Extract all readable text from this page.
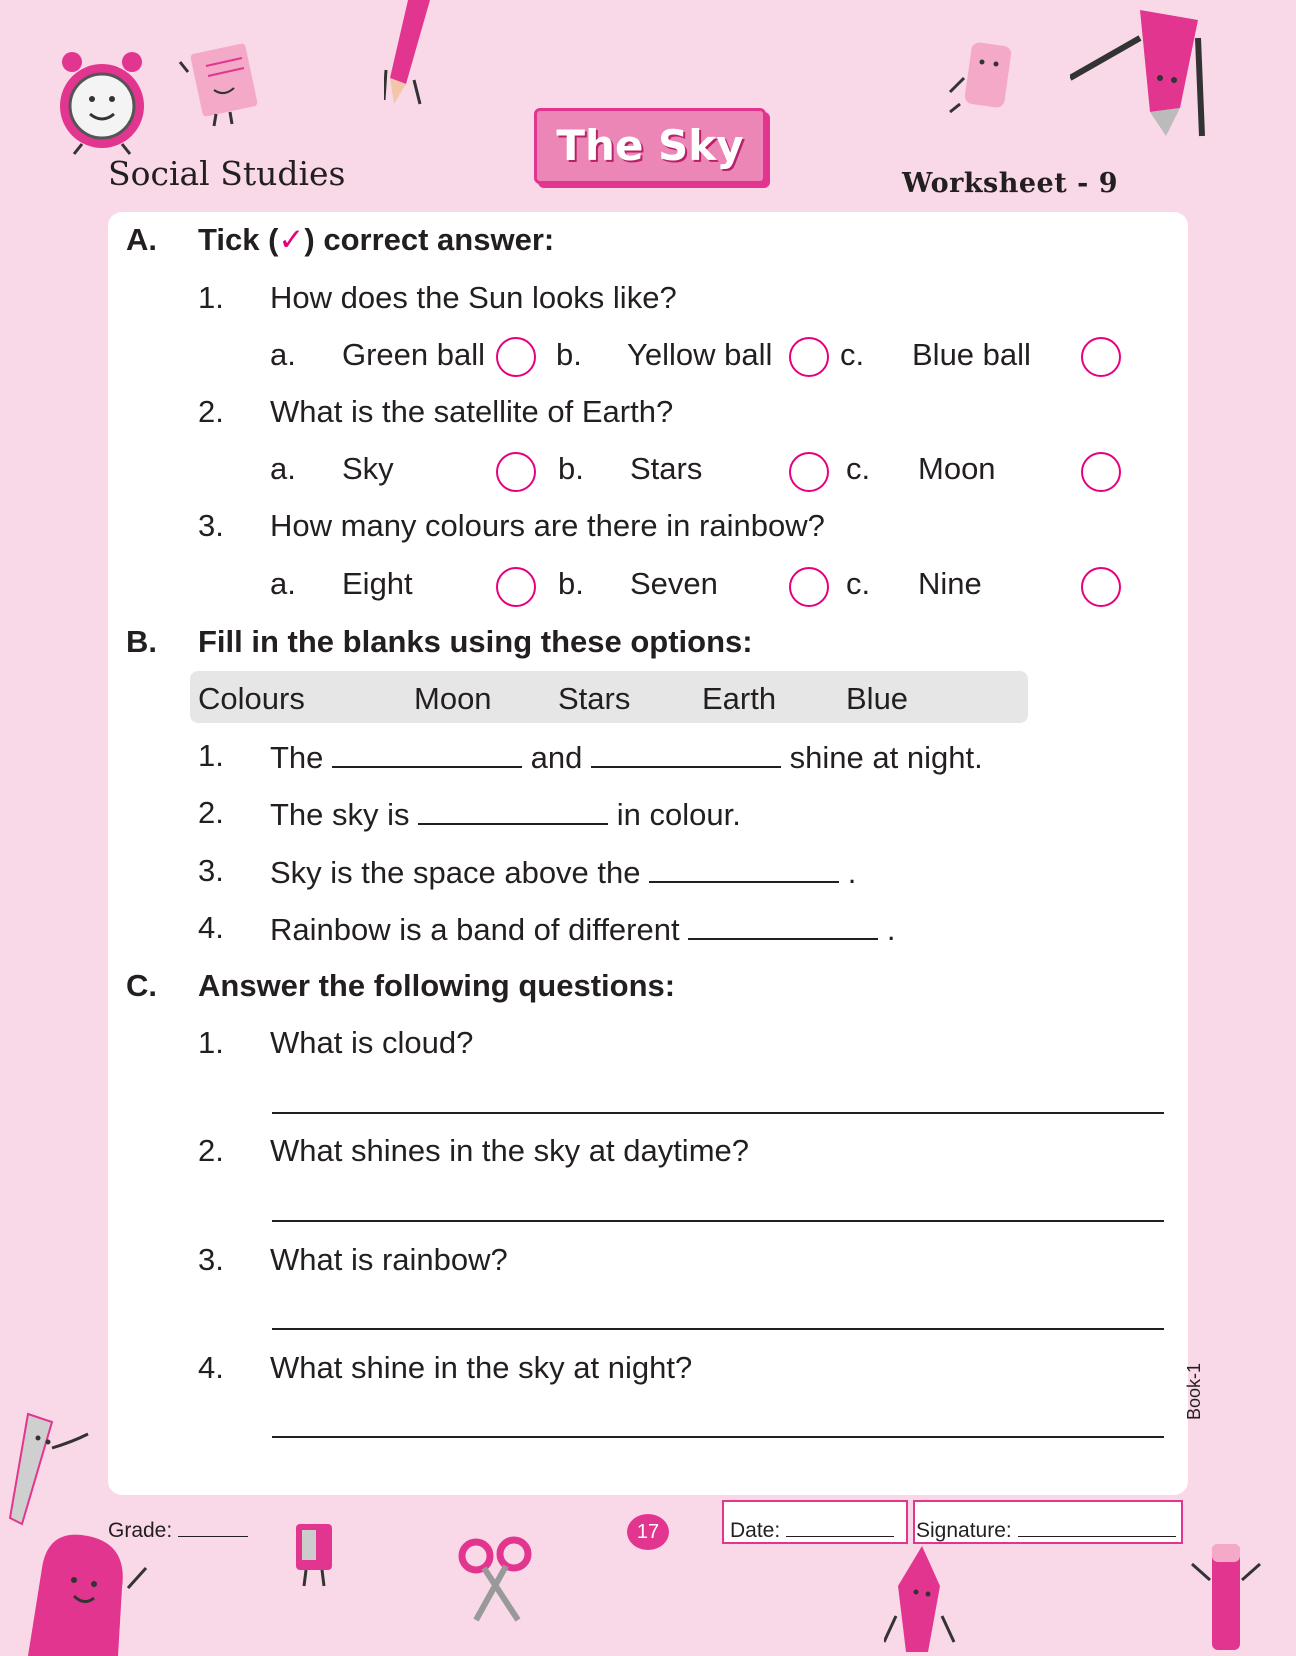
Social Studies
The Sky
Worksheet - 9
A. Tick (✓) correct answer:
1. How does the Sun looks like?
a. Green ball b. Yellow ball c. Blue ball
2. What is the satellite of Earth?
a. Sky	b. Stars	c. Moon
3. How many colours are there in rainbow?
a. Eight	b. Seven	c. Nine
B. Fill in the blanks using these options:
Colours	Moon Stars Earth Blue
1. The	and	shine at night.
2. The sky is	in colour.
3. Sky is the space above the	.
4. Rainbow is a band of different	.
C. Answer the following questions:
1. What is cloud?
2. What shines in the sky at daytime?
3. What is rainbow?
4. What shine in the sky at night?	Book-1
Grade:	17	Date:	Signature:
